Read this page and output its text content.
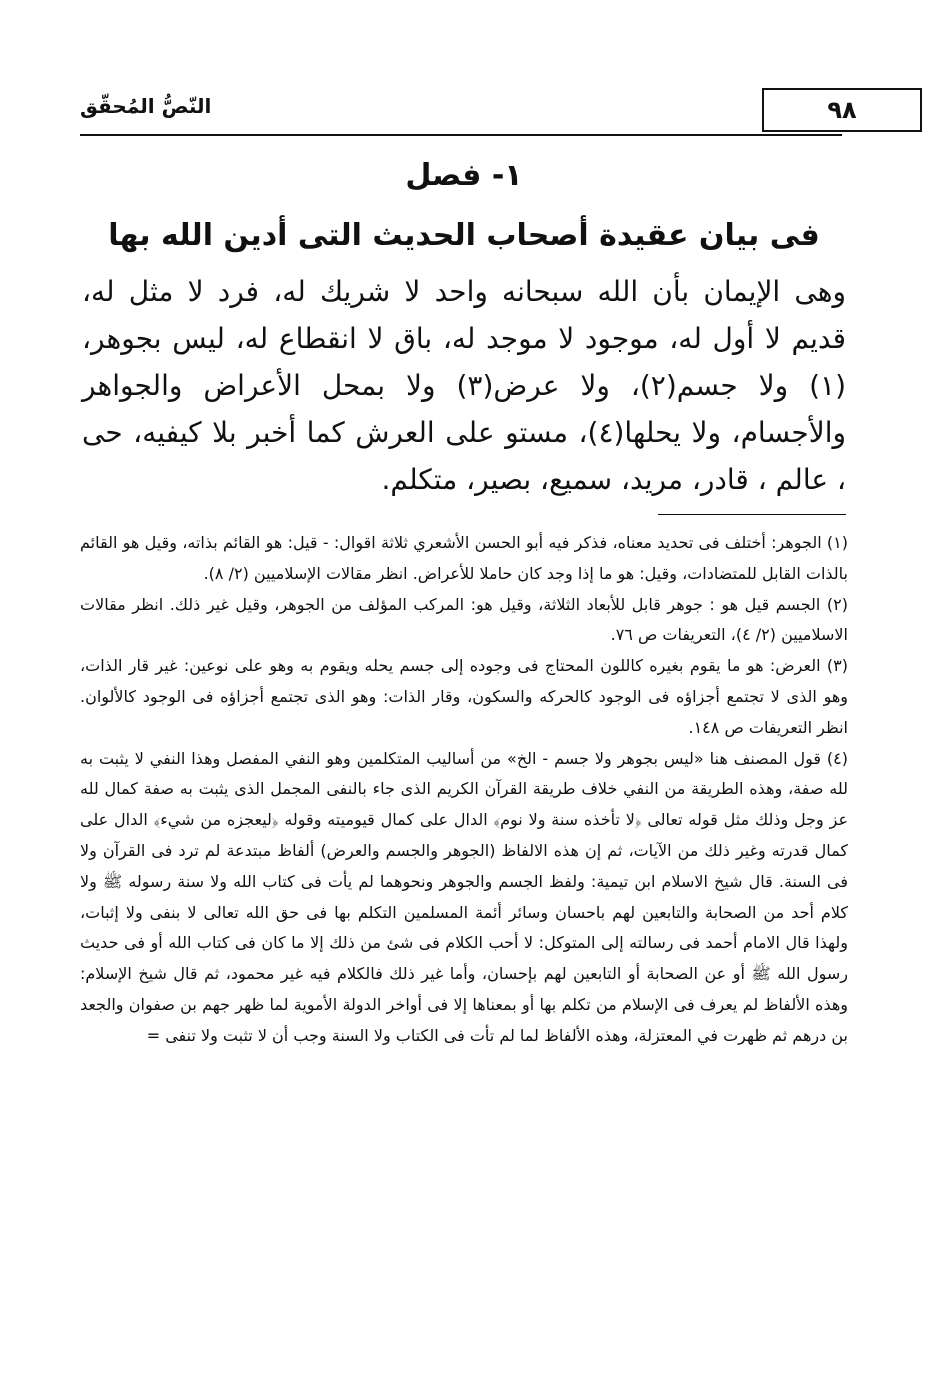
٩٨
النّصُّ المُحقّق
١- فصل
فى بيان عقيدة أصحاب الحديث التى أدين الله بها
وهى الإيمان بأن الله سبحانه واحد لا شريك له، فرد لا مثل له، قديم لا أول له، موجود لا موجد له، باق لا انقطاع له، ليس بجوهر،(١) ولا جسم(٢)، ولا عرض(٣) ولا بمحل الأعراض والجواهر والأجسام، ولا يحلها(٤)، مستو على العرش كما أخبر بلا كيفيه، حى ، عالم ، قادر، مريد، سميع، بصير، متكلم.

(١) الجوهر: أختلف فى تحديد معناه، فذكر فيه أبو الحسن الأشعري ثلاثة اقوال: - قيل: هو القائم بذاته، وقيل هو القائم بالذات القابل للمتضادات، وقيل: هو ما إذا وجد كان حاملا للأعراض. انظر مقالات الإسلاميين (٢/ ٨).

(٢) الجسم قيل هو : جوهر قابل للأبعاد الثلاثة، وقيل هو: المركب المؤلف من الجوهر، وقيل غير ذلك. انظر مقالات الاسلاميين (٢/ ٤)، التعريفات ص ٧٦.

(٣) العرض: هو ما يقوم بغيره كاللون المحتاج فى وجوده إلى جسم يحله ويقوم به وهو على نوعين: غير قار الذات، وهو الذى لا تجتمع أجزاؤه فى الوجود كالحركه والسكون، وقار الذات: وهو الذى تجتمع أجزاؤه فى الوجود كالألوان. انظر التعريفات ص ١٤٨.

(٤) قول المصنف هنا «ليس بجوهر ولا جسم - الخ» من أساليب المتكلمين وهو النفي المفصل وهذا النفي لا يثبت به لله صفة، وهذه الطريقة من النفي خلاف طريقة القرآن الكريم الذى جاء بالنفى المجمل الذى يثبت به صفة كمال لله عز وجل وذلك مثل قوله تعالى ﴿لا تأخذه سنة ولا نوم﴾ الدال على كمال قيوميته وقوله ﴿ليعجزه من شيء﴾ الدال على كمال قدرته وغير ذلك من الآيات، ثم إن هذه الالفاظ (الجوهر والجسم والعرض) ألفاظ مبتدعة لم ترد فى القرآن ولا فى السنة. قال شيخ الاسلام ابن تيمية: ولفظ الجسم والجوهر ونحوهما لم يأت فى كتاب الله ولا سنة رسوله ﷺ ولا كلام أحد من الصحابة والتابعين لهم باحسان وسائر أئمة المسلمين التكلم بها فى حق الله تعالى لا بنفى ولا إثبات، ولهذا قال الامام أحمد فى رسالته إلى المتوكل: لا أحب الكلام فى شئ من ذلك إلا ما كان فى كتاب الله أو فى حديث رسول الله ﷺ أو عن الصحابة أو التابعين لهم بإحسان، وأما غير ذلك فالكلام فيه غير محمود، ثم قال شيخ الإسلام: وهذه الألفاظ لم يعرف فى الإسلام من تكلم بها أو بمعناها إلا فى أواخر الدولة الأموية لما ظهر جهم بن صفوان والجعد بن درهم ثم ظهرت في المعتزلة، وهذه الألفاظ لما لم تأت فى الكتاب ولا السنة وجب أن لا تثبت ولا تنفى =
